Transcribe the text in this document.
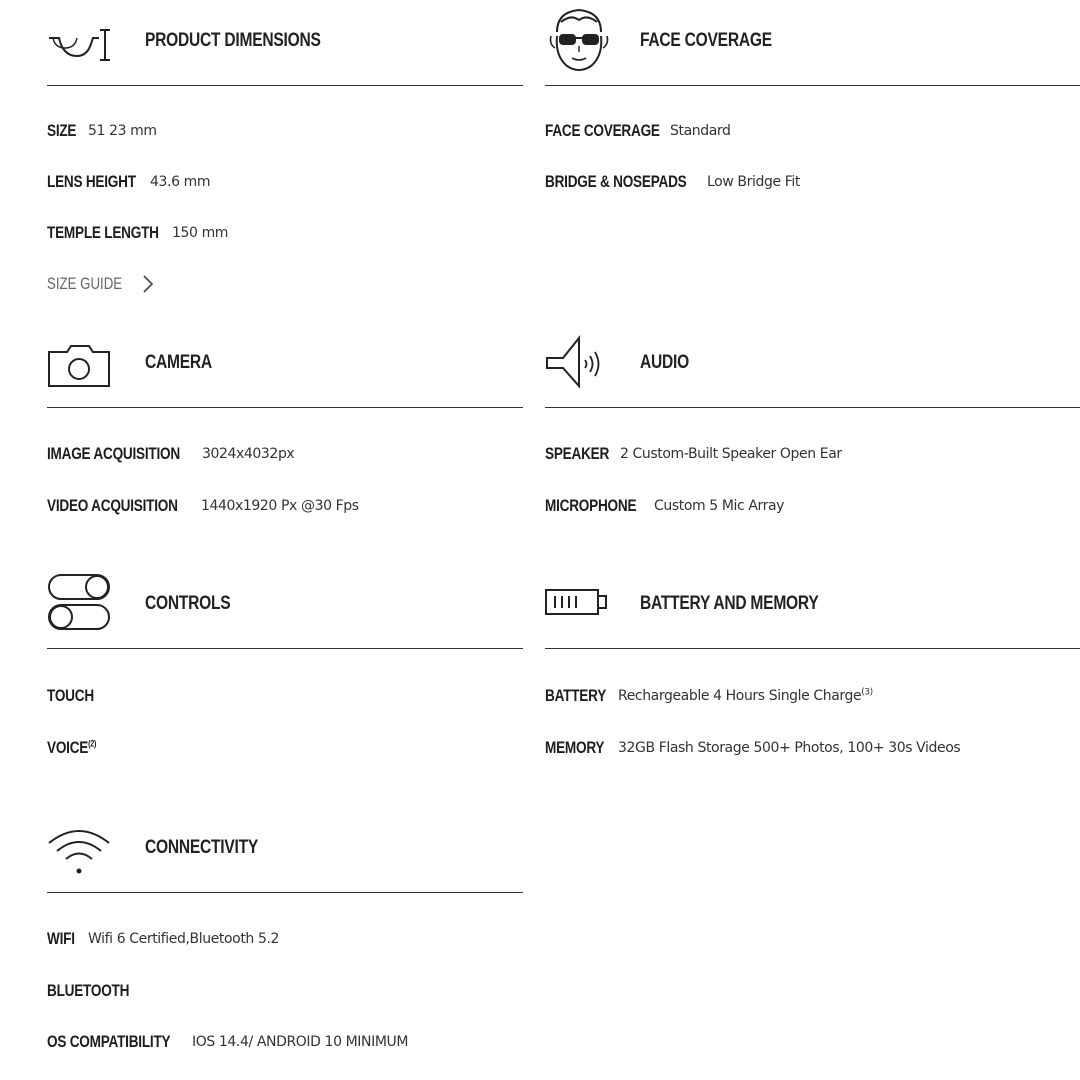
PRODUCT DIMENSIONS
SIZE 51 23 mm
LENS HEIGHT 43.6 mm
TEMPLE LENGTH 150 mm
SIZE GUIDE
FACE COVERAGE
FACE COVERAGE Standard
BRIDGE & NOSEPADS Low Bridge Fit
CAMERA
IMAGE ACQUISITION 3024x4032px
VIDEO ACQUISITION 1440x1920 Px @30 Fps
AUDIO
SPEAKER 2 Custom-Built Speaker Open Ear
MICROPHONE Custom 5 Mic Array
CONTROLS
TOUCH
VOICE$^{(2)}$
BATTERY AND MEMORY
BATTERY Rechargeable 4 Hours Single Charge$^{(3)}$
MEMORY 32GB Flash Storage 500+ Photos, 100+ 30s Videos
CONNECTIVITY
WIFI Wifi 6 Certified,Bluetooth 5.2
BLUETOOTH
OS COMPATIBILITY IOS 14.4/ ANDROID 10 MINIMUM
